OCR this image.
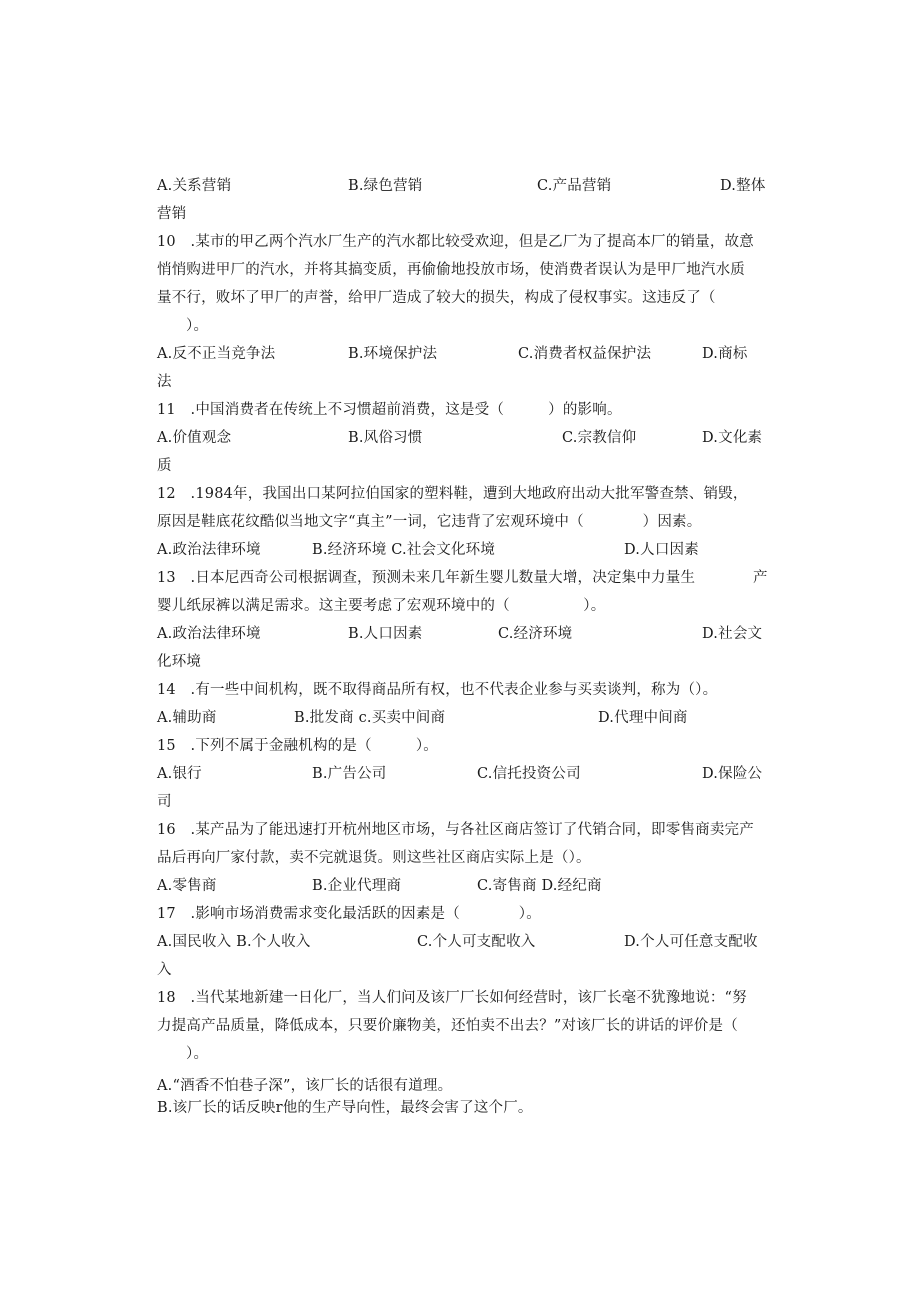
A.关系营销	B.绿色营销	C.产品营销	D.整体
营销
10　.某市的甲乙两个汽水厂生产的汽水都比较受欢迎，但是乙厂为了提高本厂的销量，故意
悄悄购进甲厂的汽水，并将其搞变质，再偷偷地投放市场，使消费者误认为是甲厂地汽水质
量不行，败坏了甲厂的声誉，给甲厂造成了较大的损失，构成了侵权事实。这违反了（
）。
A.反不正当竞争法	B.环境保护法	C.消费者权益保护法	D.商标
法
11　.中国消费者在传统上不习惯超前消费，这是受（　　　）的影响。
A.价值观念	B.风俗习惯	C.宗教信仰	D.文化素
质
12　.1984年，我国出口某阿拉伯国家的塑料鞋，遭到大地政府出动大批军警查禁、销毁，
原因是鞋底花纹酷似当地文字“真主”一词，它违背了宏观环境中（　　　　）因素。
A.政治法律环境	B.经济环境 C.社会文化环境	D.人口因素
13　.日本尼西奇公司根据调查，预测未来几年新生婴儿数量大增，决定集中力量生	产
婴儿纸尿裤以满足需求。这主要考虑了宏观环境中的（　　　　　）。
A.政治法律环境	B.人口因素	C.经济环境	D.社会文
化环境
14　.有一些中间机构，既不取得商品所有权，也不代表企业参与买卖谈判，称为（）。
A.辅助商	B.批发商 c.买卖中间商	D.代理中间商
15　.下列不属于金融机构的是（　　　）。
A.银行	B.广告公司	C.信托投资公司	D.保险公
司
16　.某产品为了能迅速打开杭州地区市场，与各社区商店签订了代销合同，即零售商卖完产
品后再向厂家付款，卖不完就退货。则这些社区商店实际上是（）。
A.零售商	B.企业代理商	C.寄售商 D.经纪商
17　.影响市场消费需求变化最活跃的因素是（　　　　）。
A.国民收入 B.个人收入	C.个人可支配收入	D.个人可任意支配收
入
18　.当代某地新建一日化厂，当人们问及该厂厂长如何经营时，该厂长毫不犹豫地说：“努
力提高产品质量，降低成本，只要价廉物美，还怕卖不出去？”对该厂长的讲话的评价是（
）。
A.“酒香不怕巷子深”，该厂长的话很有道理。
B.该厂长的话反映r他的生产导向性，最终会害了这个厂。
